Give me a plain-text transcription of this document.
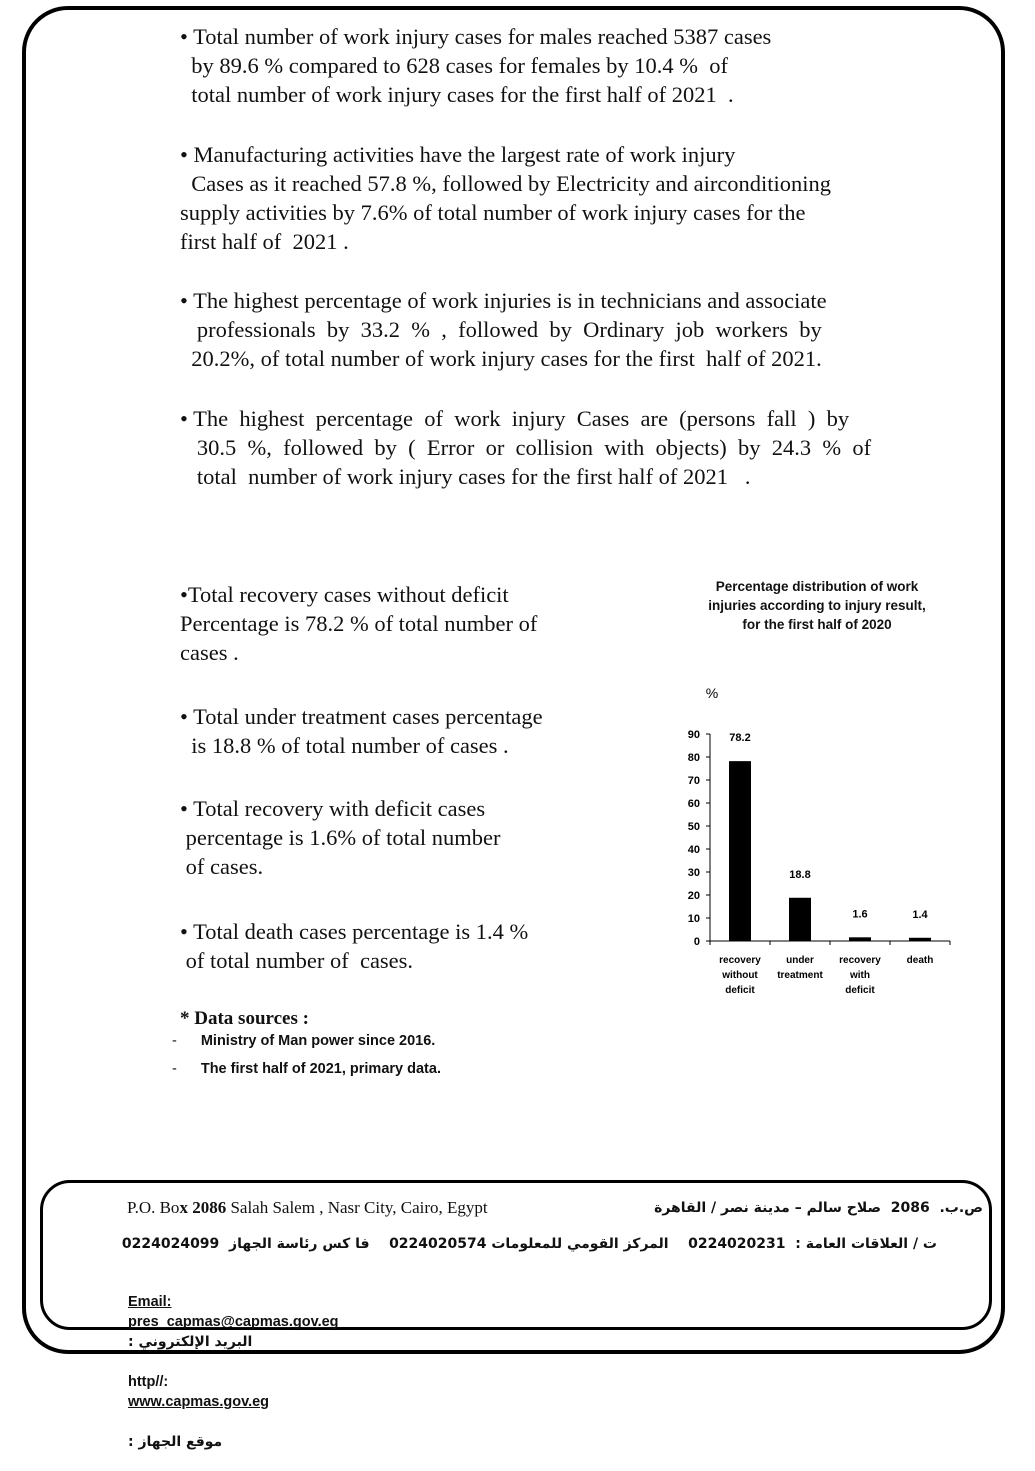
• Total number of work injury cases for males reached 5387 cases
by 89.6 % compared to 628 cases for females by 10.4 %  of
total number of work injury cases for the first half of 2021  .
• Manufacturing activities have the largest rate of work injury
Cases as it reached 57.8 %, followed by Electricity and airconditioning
supply activities by 7.6% of total number of work injury cases for the
first half of  2021 .
• The highest percentage of work injuries is in technicians and associate
professionals  by  33.2  %  ,  followed  by  Ordinary  job  workers  by
20.2%, of total number of work injury cases for the first  half of 2021.
• The  highest  percentage  of  work  injury  Cases  are  (persons  fall  )  by
30.5  %,  followed  by  (  Error  or  collision  with  objects)  by  24.3  %  of
total  number of work injury cases for the first half of 2021   .
•Total recovery cases without deficit
Percentage is 78.2 % of total number of
cases .
• Total under treatment cases percentage
is 18.8 % of total number of cases .
• Total recovery with deficit cases
percentage is 1.6% of total number
of cases.
• Total death cases percentage is 1.4 %
of total number of  cases.
Percentage distribution of work
injuries according to injury result,
for the first half of 2020
%
0
10
20
30
40
50
60
70
80
90	78.2
recovery
without
deficit
18.8
under
treatment
1.6
recovery
with
deficit
1.4
death
* Data sources :
- Ministry of Man power since 2016.
- The first half of 2021, primary data.
P.O. Box 2086 Salah Salem , Nasr City, Cairo, Egypt	ص.ب.  2086  صلاح سالم – مدينة نصر / القاهرة
ت / العلاقات العامة :  0224020231    المركز القومي للمعلومات 0224020574    فا كس رئاسة الجهاز  0224024099

Email:
pres_capmas@capmas.gov.eg
البريد الإلكتروني :

http//:
www.capmas.gov.eg

موقع الجهاز :
